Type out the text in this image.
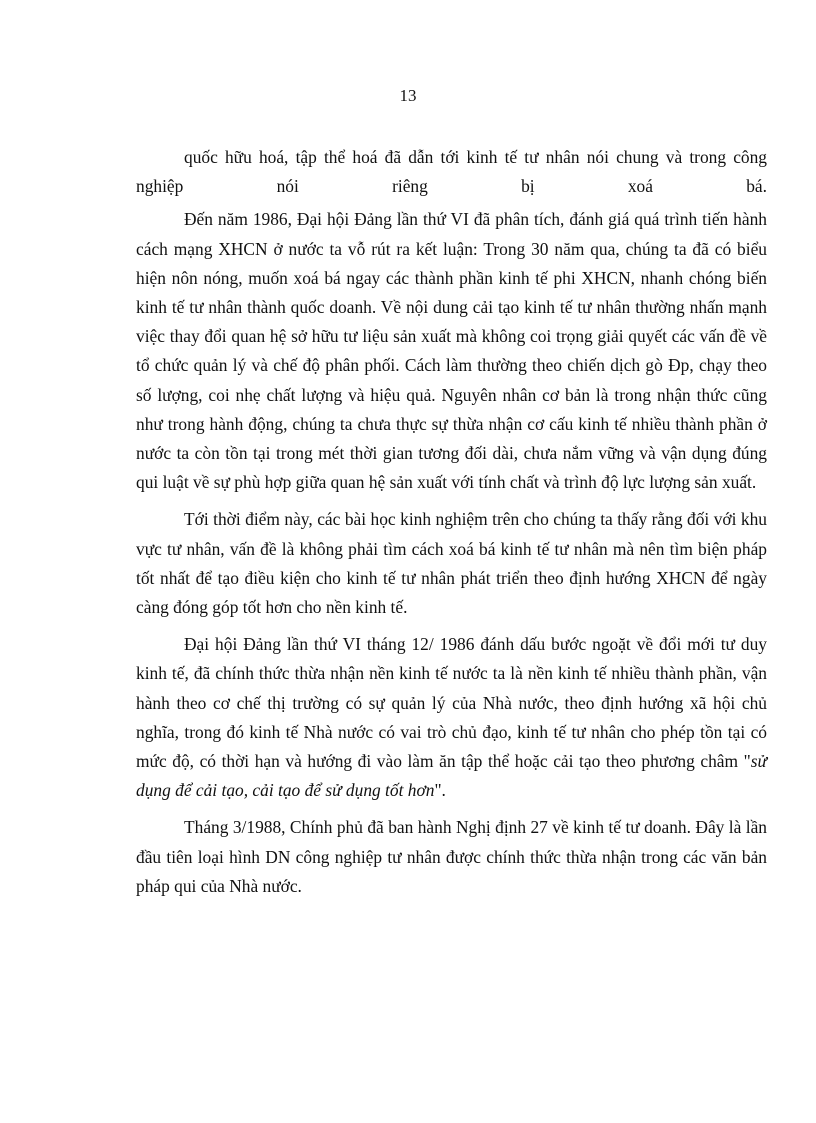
13

quốc hữu hoá, tập thể hoá đã dẫn tới kinh tế tư nhân nói chung và trong công nghiệp nói riêng bị xoá bá.

Đến năm 1986, Đại hội Đảng lần thứ VI đã phân tích, đánh giá quá trình tiến hành cách mạng XHCN ở nước ta vỗ rút ra kết luận: Trong 30 năm qua, chúng ta đã có biểu hiện nôn nóng, muốn xoá bá ngay các thành phần kinh tế phi XHCN, nhanh chóng biến kinh tế tư nhân thành quốc doanh. Về nội dung cải tạo kinh tế tư nhân thường nhấn mạnh việc thay đổi quan hệ sở hữu tư liệu sản xuất mà không coi trọng giải quyết các vấn đề về tổ chức quản lý và chế độ phân phối. Cách làm thường theo chiến dịch gò Đp, chạy theo số lượng, coi nhẹ chất lượng và hiệu quả. Nguyên nhân cơ bản là trong nhận thức cũng như trong hành động, chúng ta chưa thực sự thừa nhận cơ cấu kinh tế nhiều thành phần ở nước ta còn tồn tại trong mét thời gian tương đối dài, chưa nắm vững và vận dụng đúng qui luật về sự phù hợp giữa quan hệ sản xuất với tính chất và trình độ lực lượng sản xuất.

Tới thời điểm này, các bài học kinh nghiệm trên cho chúng ta thấy rằng đối với khu vực tư nhân, vấn đề là không phải tìm cách xoá bá kinh tế tư nhân mà nên tìm biện pháp tốt nhất để tạo điều kiện cho kinh tế tư nhân phát triển theo định hướng XHCN để ngày càng đóng góp tốt hơn cho nền kinh tế.

Đại hội Đảng lần thứ VI tháng 12/ 1986 đánh dấu bước ngoặt về đổi mới tư duy kinh tế, đã chính thức thừa nhận nền kinh tế nước ta là nền kinh tế nhiều thành phần, vận hành theo cơ chế thị trường có sự quản lý của Nhà nước, theo định hướng xã hội chủ nghĩa, trong đó kinh tế Nhà nước có vai trò chủ đạo, kinh tế tư nhân cho phép tồn tại có mức độ, có thời hạn và hướng đi vào làm ăn tập thể hoặc cải tạo theo phương châm "sử dụng để cải tạo, cải tạo để sử dụng tốt hơn".

Tháng 3/1988, Chính phủ đã ban hành Nghị định 27 về kinh tế tư doanh. Đây là lần đầu tiên loại hình DN công nghiệp tư nhân được chính thức thừa nhận trong các văn bản pháp qui của Nhà nước.
